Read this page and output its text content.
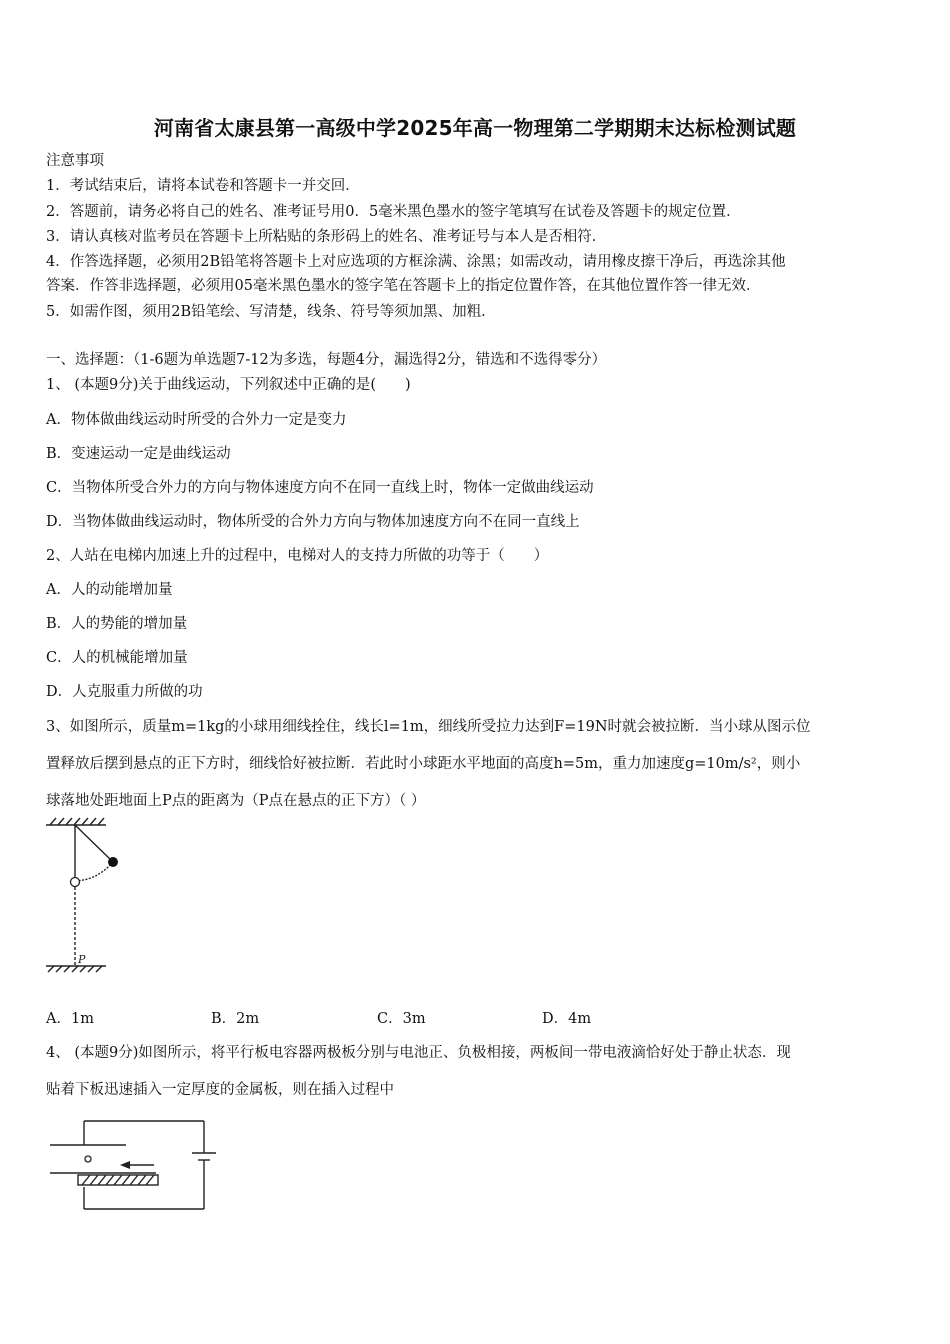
河南省太康县第一高级中学2025年高一物理第二学期期末达标检测试题
注意事项
1．考试结束后，请将本试卷和答题卡一并交回．
2．答题前，请务必将自己的姓名、准考证号用0．5毫米黑色墨水的签字笔填写在试卷及答题卡的规定位置．
3．请认真核对监考员在答题卡上所粘贴的条形码上的姓名、准考证号与本人是否相符．
4．作答选择题，必须用2B铅笔将答题卡上对应选项的方框涂满、涂黑；如需改动，请用橡皮擦干净后，再选涂其他
答案．作答非选择题，必须用05毫米黑色墨水的签字笔在答题卡上的指定位置作答，在其他位置作答一律无效．
5．如需作图，须用2B铅笔绘、写清楚，线条、符号等须加黑、加粗．
一、选择题：（1-6题为单选题7-12为多选，每题4分，漏选得2分，错选和不选得零分）
1、 (本题9分)关于曲线运动，下列叙述中正确的是(　　)
A．物体做曲线运动时所受的合外力一定是变力
B．变速运动一定是曲线运动
C．当物体所受合外力的方向与物体速度方向不在同一直线上时，物体一定做曲线运动
D．当物体做曲线运动时，物体所受的合外力方向与物体加速度方向不在同一直线上
2、人站在电梯内加速上升的过程中，电梯对人的支持力所做的功等于（　　）
A．人的动能增加量
B．人的势能的增加量
C．人的机械能增加量
D．人克服重力所做的功
3、如图所示，质量m=1kg的小球用细线拴住，线长l=1m，细线所受拉力达到F=19N时就会被拉断．当小球从图示位
置释放后摆到悬点的正下方时，细线恰好被拉断．若此时小球距水平地面的高度h=5m，重力加速度g=10m/s²，则小
球落地处距地面上P点的距离为（P点在悬点的正下方）（ ）
P
A．1m	B．2m	C．3m	D．4m
4、 (本题9分)如图所示，将平行板电容器两极板分别与电池正、负极相接，两板间一带电液滴恰好处于静止状态．现
贴着下板迅速插入一定厚度的金属板，则在插入过程中
